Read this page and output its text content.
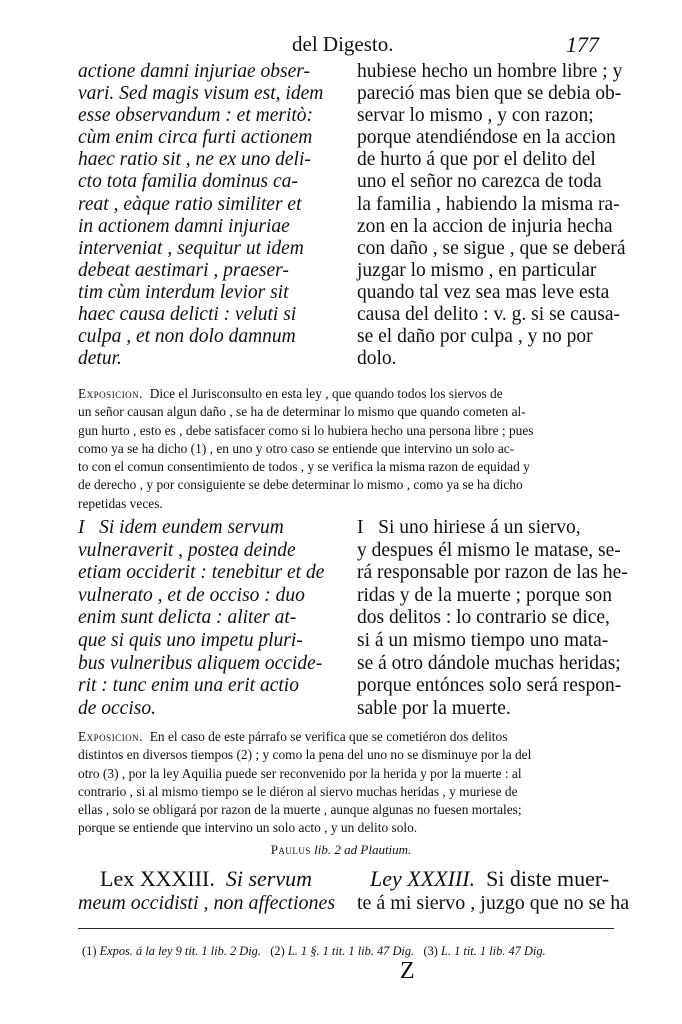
del Digesto.	177
actione damni injuriae obser-
vari. Sed magis visum est, idem
esse observandum : et meritò:
cùm enim circa furti actionem
haec ratio sit , ne ex uno deli-
cto tota familia dominus ca-
reat , eàque ratio similiter et
in actionem damni injuriae
interveniat , sequitur ut idem
debeat aestimari , praeser-
tim cùm interdum levior sit
haec causa delicti : veluti si
culpa , et non dolo damnum
detur.
hubiese hecho un hombre libre ; y
pareció mas bien que se debia ob-
servar lo mismo , y con razon;
porque atendiéndose en la accion
de hurto á que por el delito del
uno el señor no carezca de toda
la familia , habiendo la misma ra-
zon en la accion de injuria hecha
con daño , se sigue , que se deberá
juzgar lo mismo , en particular
quando tal vez sea mas leve esta
causa del delito : v. g. si se causa-
se el daño por culpa , y no por
dolo.
Exposicion. Dice el Jurisconsulto en esta ley , que quando todos los siervos de
un señor causan algun daño , se ha de determinar lo mismo que quando cometen al-
gun hurto , esto es , debe satisfacer como si lo hubiera hecho una persona libre ; pues
como ya se ha dicho (1) , en uno y otro caso se entiende que intervino un solo ac-
to con el comun consentimiento de todos , y se verifica la misma razon de equidad y
de derecho , y por consiguiente se debe determinar lo mismo , como ya se ha dicho
repetidas veces.
I   Si idem eundem servum
vulneraverit , postea deinde
etiam occiderit : tenebitur et de
vulnerato , et de occiso : duo
enim sunt delicta : aliter at-
que si quis uno impetu pluri-
bus vulneribus aliquem occide-
rit : tunc enim una erit actio
de occiso.
I   Si uno hiriese á un siervo,
y despues él mismo le matase, se-
rá responsable por razon de las he-
ridas y de la muerte ; porque son
dos delitos : lo contrario se dice,
si á un mismo tiempo uno mata-
se á otro dándole muchas heridas;
porque entónces solo será respon-
sable por la muerte.
Exposicion. En el caso de este párrafo se verifica que se cometiéron dos delitos
distintos en diversos tiempos (2) ; y como la pena del uno no se disminuye por la del
otro (3) , por la ley Aquilia puede ser reconvenido por la herida y por la muerte : al
contrario , si al mismo tiempo se le diéron al siervo muchas heridas , y muriese de
ellas , solo se obligará por razon de la muerte , aunque algunas no fuesen mortales;
porque se entiende que intervino un solo acto , y un delito solo.
Paulus lib. 2 ad Plautium.
Lex XXXIII. Si servum
meum occidisti , non affectiones
Ley XXXIII. Si diste muer-
te á mi siervo , juzgo que no se ha
(1) Expos. á la ley 9 tit. 1 lib. 2 Dig. (2) L. 1 §. 1 tit. 1 lib. 47 Dig. (3) L. 1 tit. 1 lib. 47 Dig.
Z
